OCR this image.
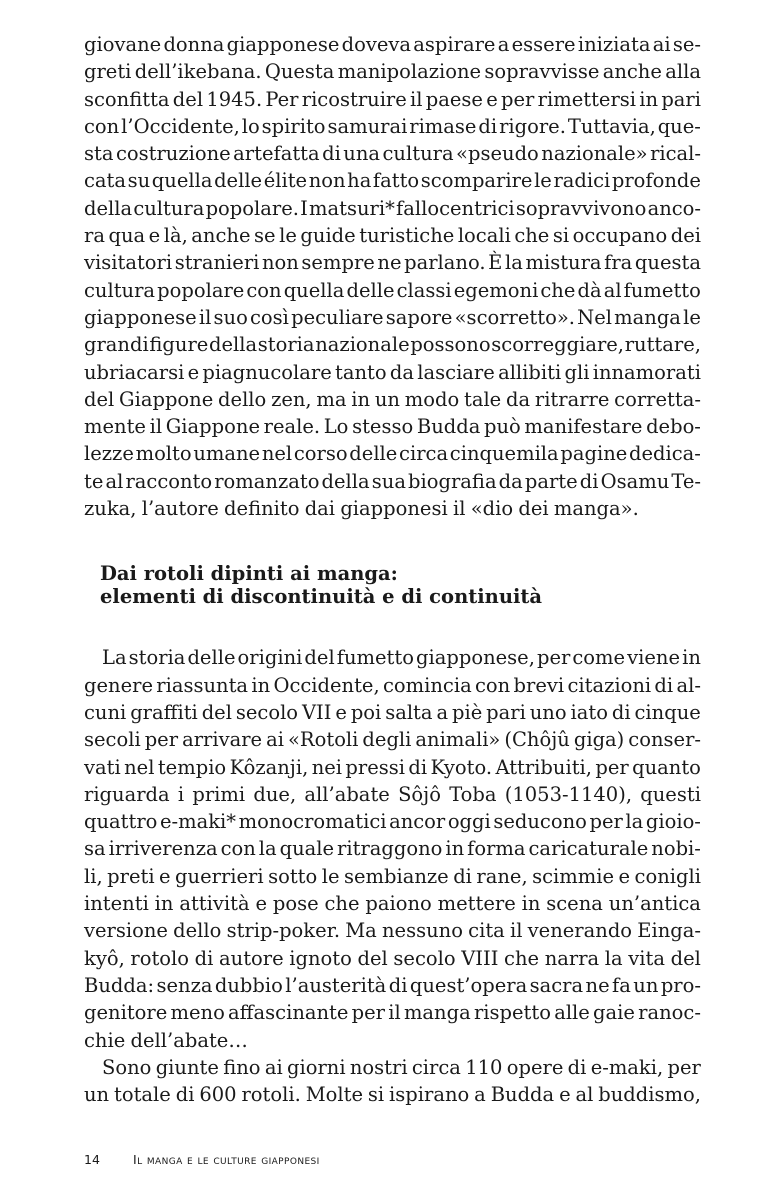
giovane donna giapponese doveva aspirare a essere iniziata ai se-
greti dell’ikebana. Questa manipolazione sopravvisse anche alla
sconfitta del 1945. Per ricostruire il paese e per rimettersi in pari
con l’Occidente, lo spirito samurai rimase di rigore. Tuttavia, que-
sta costruzione artefatta di una cultura «pseudo nazionale» rical-
cata su quella delle élite non ha fatto scomparire le radici profonde
della cultura popolare. I matsuri* fallocentrici sopravvivono anco-
ra qua e là, anche se le guide turistiche locali che si occupano dei
visitatori stranieri non sempre ne parlano. È la mistura fra questa
cultura popolare con quella delle classi egemoni che dà al fumetto
giapponese il suo così peculiare sapore «scorretto». Nel manga le
grandi figure della storia nazionale possono scorreggiare, ruttare,
ubriacarsi e piagnucolare tanto da lasciare allibiti gli innamorati
del Giappone dello zen, ma in un modo tale da ritrarre corretta-
mente il Giappone reale. Lo stesso Budda può manifestare debo-
lezze molto umane nel corso delle circa cinquemila pagine dedica-
te al racconto romanzato della sua biografia da parte di Osamu Te-
zuka, l’autore definito dai giapponesi il «dio dei manga».
La storia delle origini del fumetto giapponese, per come viene in
genere riassunta in Occidente, comincia con brevi citazioni di al-
cuni graffiti del secolo VII e poi salta a piè pari uno iato di cinque
secoli per arrivare ai «Rotoli degli animali» (Chôjû giga) conser-
vati nel tempio Kôzanji, nei pressi di Kyoto. Attribuiti, per quanto
riguarda i primi due, all’abate Sôjô Toba (1053-1140), questi
quattro e-maki* monocromatici ancor oggi seducono per la gioio-
sa irriverenza con la quale ritraggono in forma caricaturale nobi-
li, preti e guerrieri sotto le sembianze di rane, scimmie e conigli
intenti in attività e pose che paiono mettere in scena un’antica
versione dello strip-poker. Ma nessuno cita il venerando Einga-
kyô, rotolo di autore ignoto del secolo VIII che narra la vita del
Budda: senza dubbio l’austerità di quest’opera sacra ne fa un pro-
genitore meno affascinante per il manga rispetto alle gaie ranoc-
chie dell’abate…
Sono giunte fino ai giorni nostri circa 110 opere di e-maki, per
un totale di 600 rotoli. Molte si ispirano a Budda e al buddismo,
Dai rotoli dipinti ai manga:
elementi di discontinuità e di continuità
14	Il manga e le culture giapponesi
